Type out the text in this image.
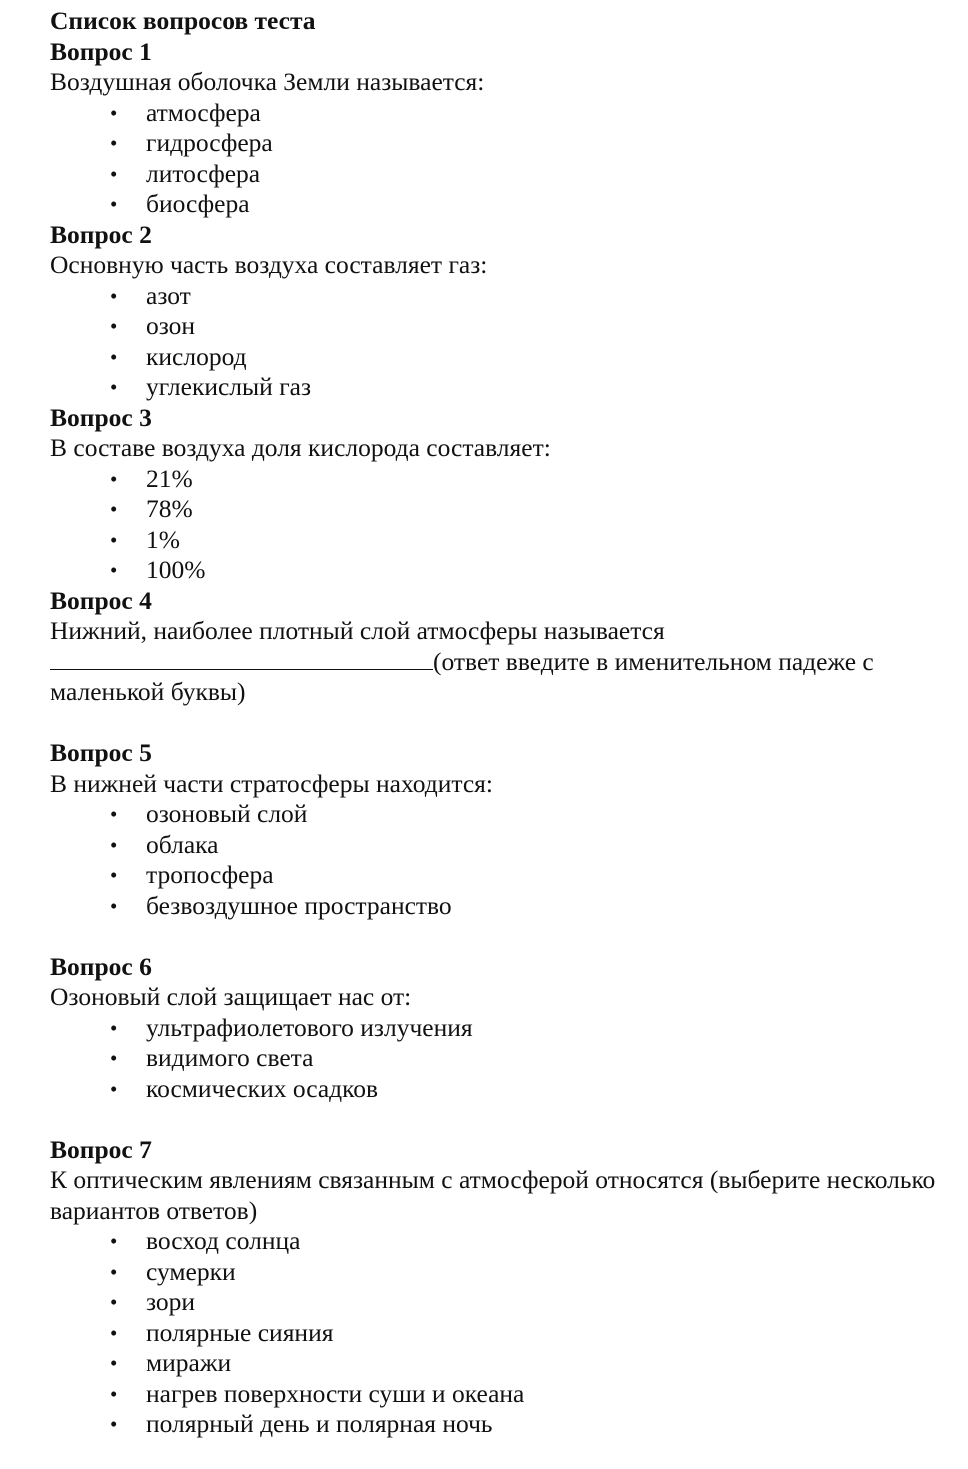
Список вопросов теста
Вопрос 1
Воздушная оболочка Земли называется:
• атмосфера
• гидросфера
• литосфера
• биосфера
Вопрос 2
Основную часть воздуха составляет газ:
• азот
• озон
• кислород
• углекислый газ
Вопрос 3
В составе воздуха доля кислорода составляет:
• 21%
• 78%
• 1%
• 100%
Вопрос 4
Нижний, наиболее плотный слой атмосферы называется
(ответ введите в именительном падеже с маленькой буквы)
Вопрос 5
В нижней части стратосферы находится:
• озоновый слой
• облака
• тропосфера
• безвоздушное пространство
Вопрос 6
Озоновый слой защищает нас от:
• ультрафиолетового излучения
• видимого света
• космических осадков
Вопрос 7
К оптическим явлениям связанным с атмосферой относятся (выберите несколько вариантов ответов)
• восход солнца
• сумерки
• зори
• полярные сияния
• миражи
• нагрев поверхности суши и океана
• полярный день и полярная ночь
